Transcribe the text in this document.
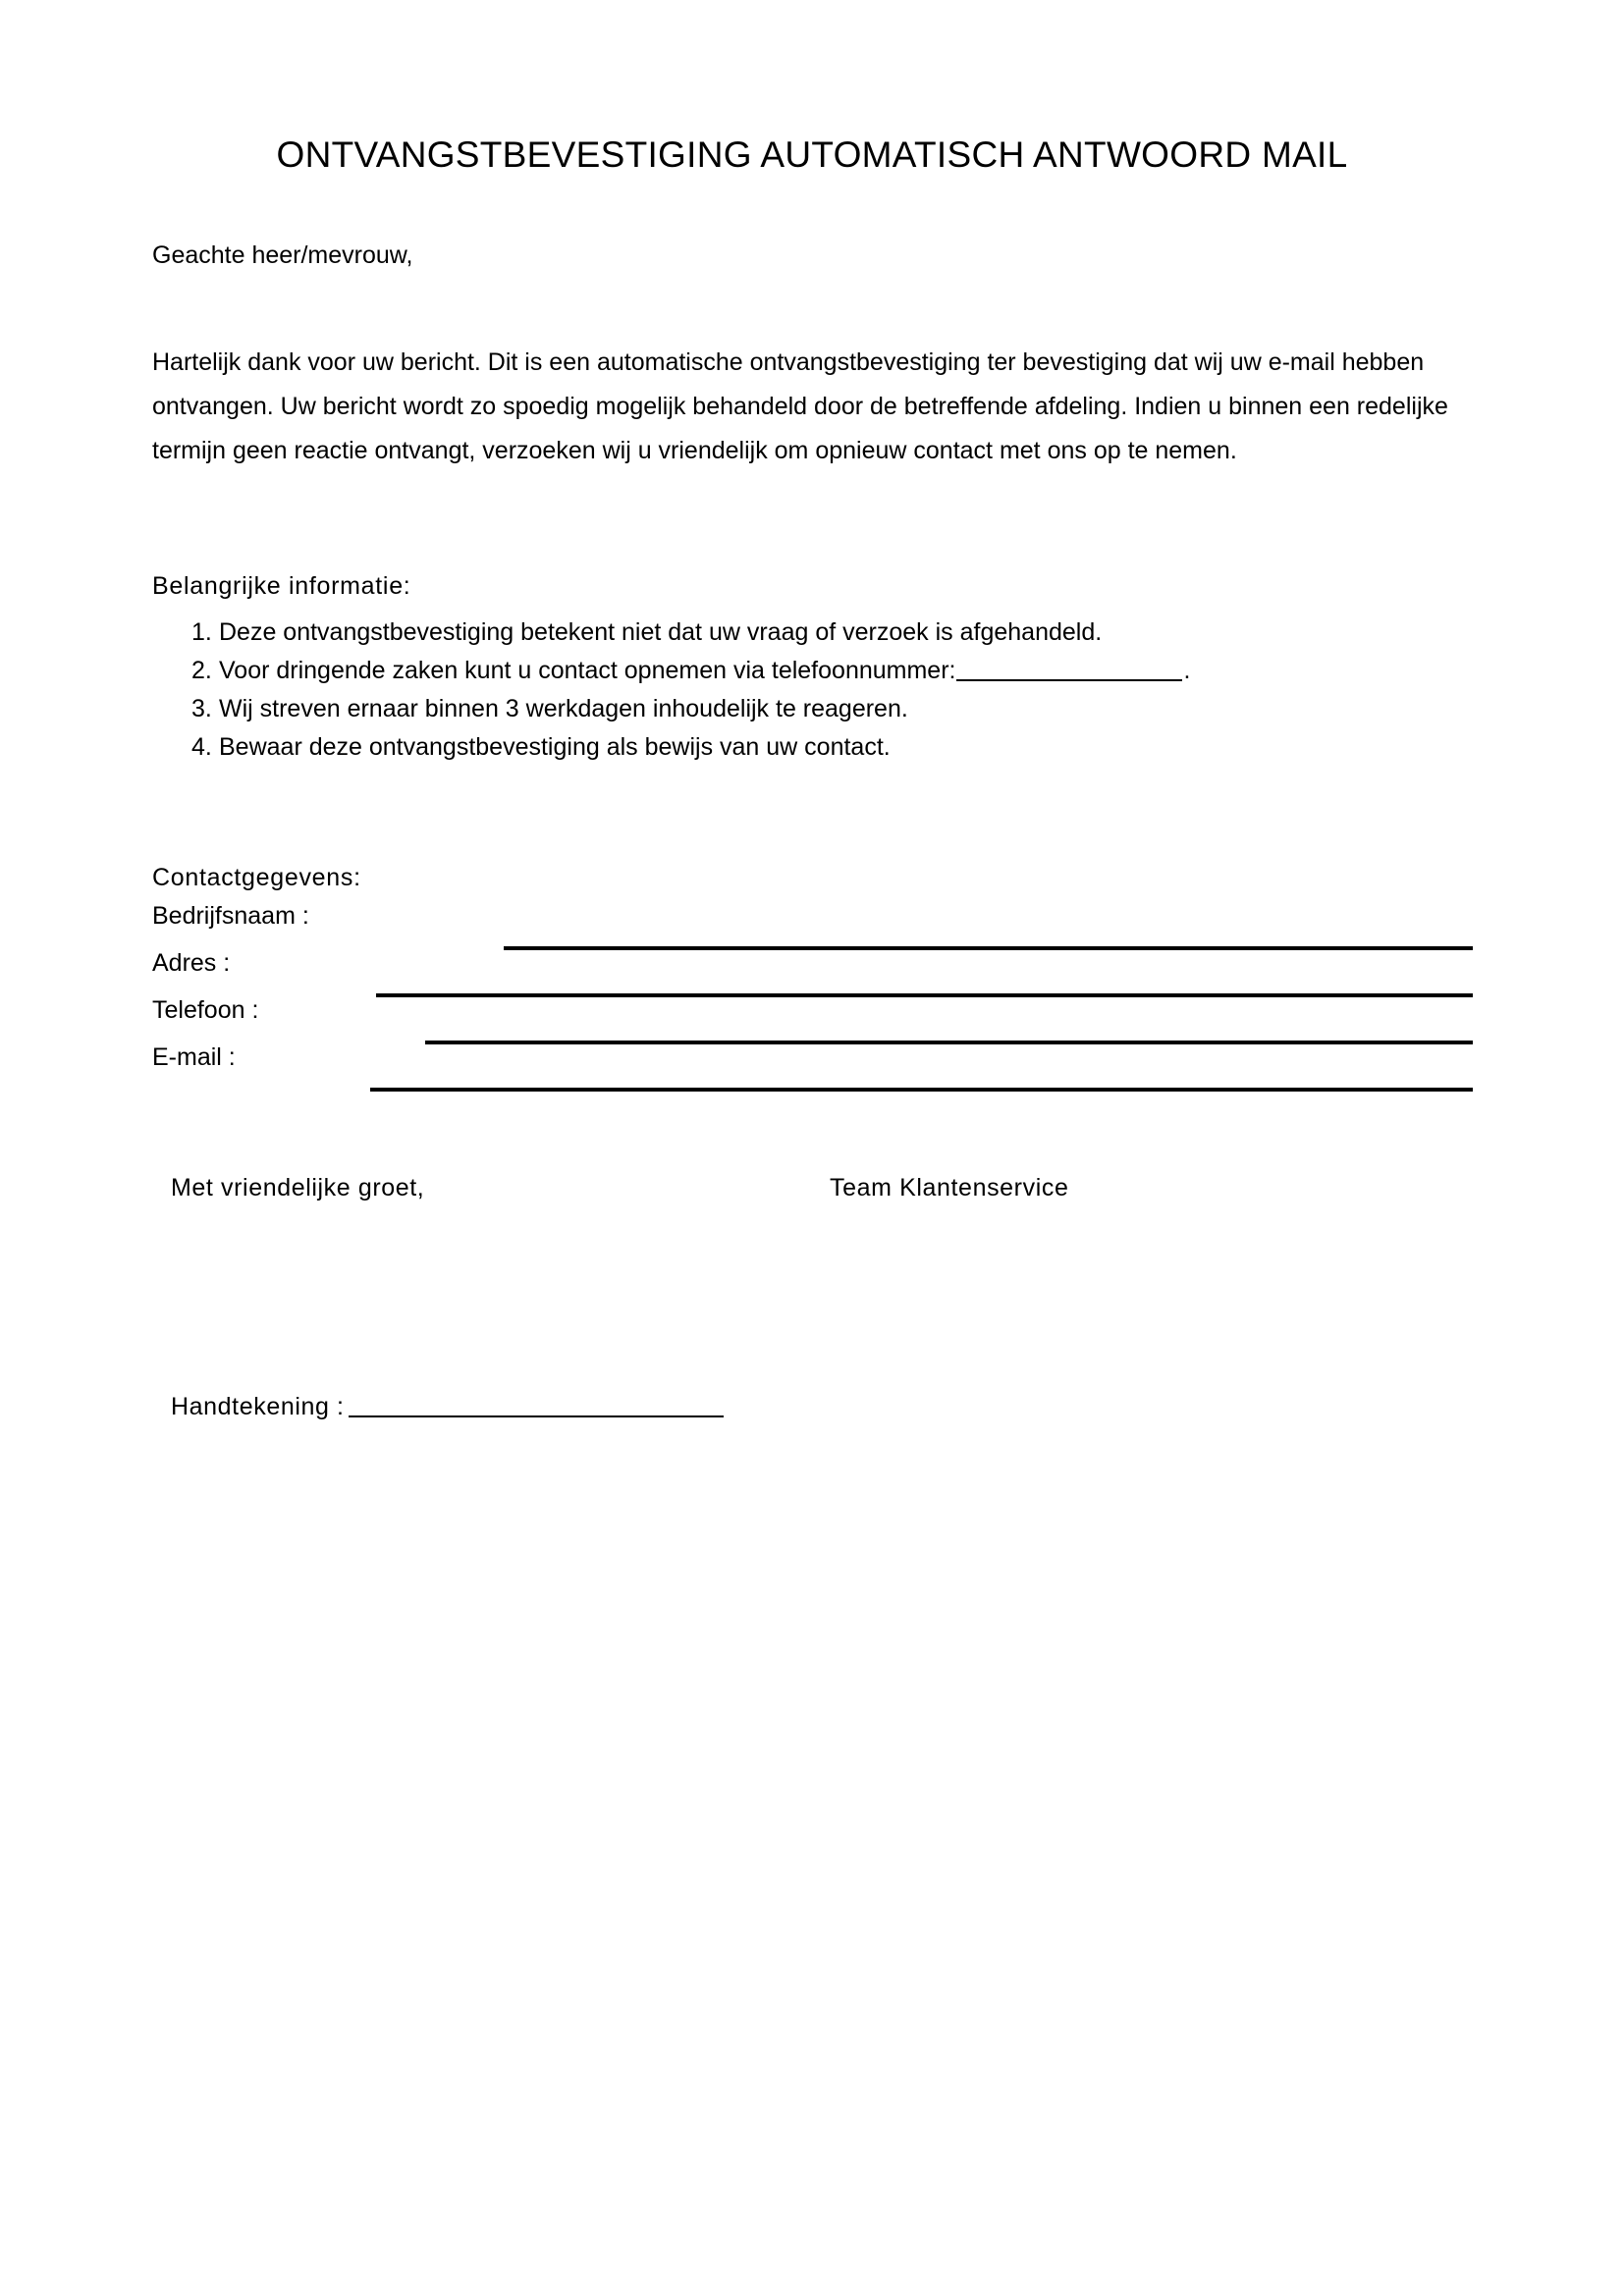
ONTVANGSTBEVESTIGING AUTOMATISCH ANTWOORD MAIL
Geachte heer/mevrouw,

Hartelijk dank voor uw bericht. Dit is een automatische ontvangstbevestiging ter bevestiging dat wij uw e-mail hebben ontvangen. Uw bericht wordt zo spoedig mogelijk behandeld door de betreffende afdeling. Indien u binnen een redelijke termijn geen reactie ontvangt, verzoeken wij u vriendelijk om opnieuw contact met ons op te nemen.

Belangrijke informatie:
1. Deze ontvangstbevestiging betekent niet dat uw vraag of verzoek is afgehandeld.
2. Voor dringende zaken kunt u contact opnemen via telefoonnummer:	.
3. Wij streven ernaar binnen 3 werkdagen inhoudelijk te reageren.
4. Bewaar deze ontvangstbevestiging als bewijs van uw contact.
Contactgegevens:
Bedrijfsnaam :
Adres :
Telefoon :
E-mail :
Met vriendelijke groet,	Team Klantenservice
Handtekening :
